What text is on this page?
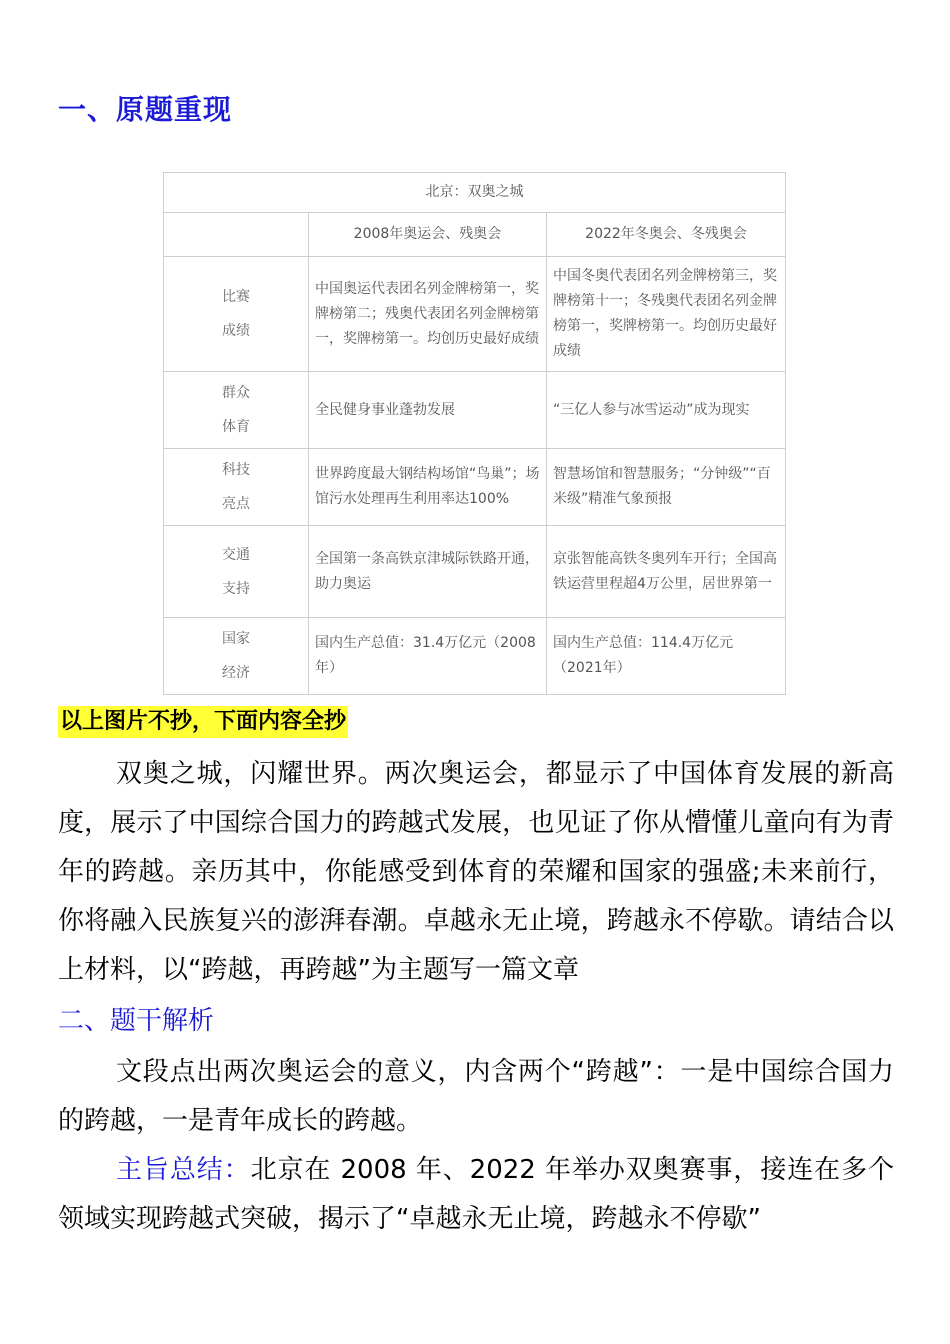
一、原题重现
北京：双奥之城		
	2008年奥运会、残奥会	2022年冬奥会、冬残奥会
比赛
成绩	中国奥运代表团名列金牌榜第一，奖牌榜第二；残奥代表团名列金牌榜第一，奖牌榜第一。均创历史最好成绩	中国冬奥代表团名列金牌榜第三，奖牌榜第十一；冬残奥代表团名列金牌榜第一，奖牌榜第一。均创历史最好成绩
群众
体育	全民健身事业蓬勃发展	“三亿人参与冰雪运动”成为现实
科技
亮点	世界跨度最大钢结构场馆“鸟巢”；场馆污水处理再生利用率达100%	智慧场馆和智慧服务；“分钟级”“百米级”精准气象预报
交通
支持	全国第一条高铁京津城际铁路开通，助力奥运	京张智能高铁冬奥列车开行；全国高铁运营里程超4万公里，居世界第一
国家
经济	国内生产总值：31.4万亿元（2008年）	国内生产总值：114.4万亿元（2021年）
以上图片不抄，下面内容全抄
双奥之城，闪耀世界。两次奥运会，都显示了中国体育发展的新高度，展示了中国综合国力的跨越式发展，也见证了你从懵懂儿童向有为青年的跨越。亲历其中，你能感受到体育的荣耀和国家的强盛;未来前行，你将融入民族复兴的澎湃春潮。卓越永无止境，跨越永不停歇。请结合以上材料，以“跨越，再跨越”为主题写一篇文章
二、题干解析
文段点出两次奥运会的意义，内含两个“跨越”：一是中国综合国力的跨越，一是青年成长的跨越。
主旨总结：北京在 2008 年、2022 年举办双奥赛事，接连在多个领域实现跨越式突破，揭示了“卓越永无止境，跨越永不停歇”
